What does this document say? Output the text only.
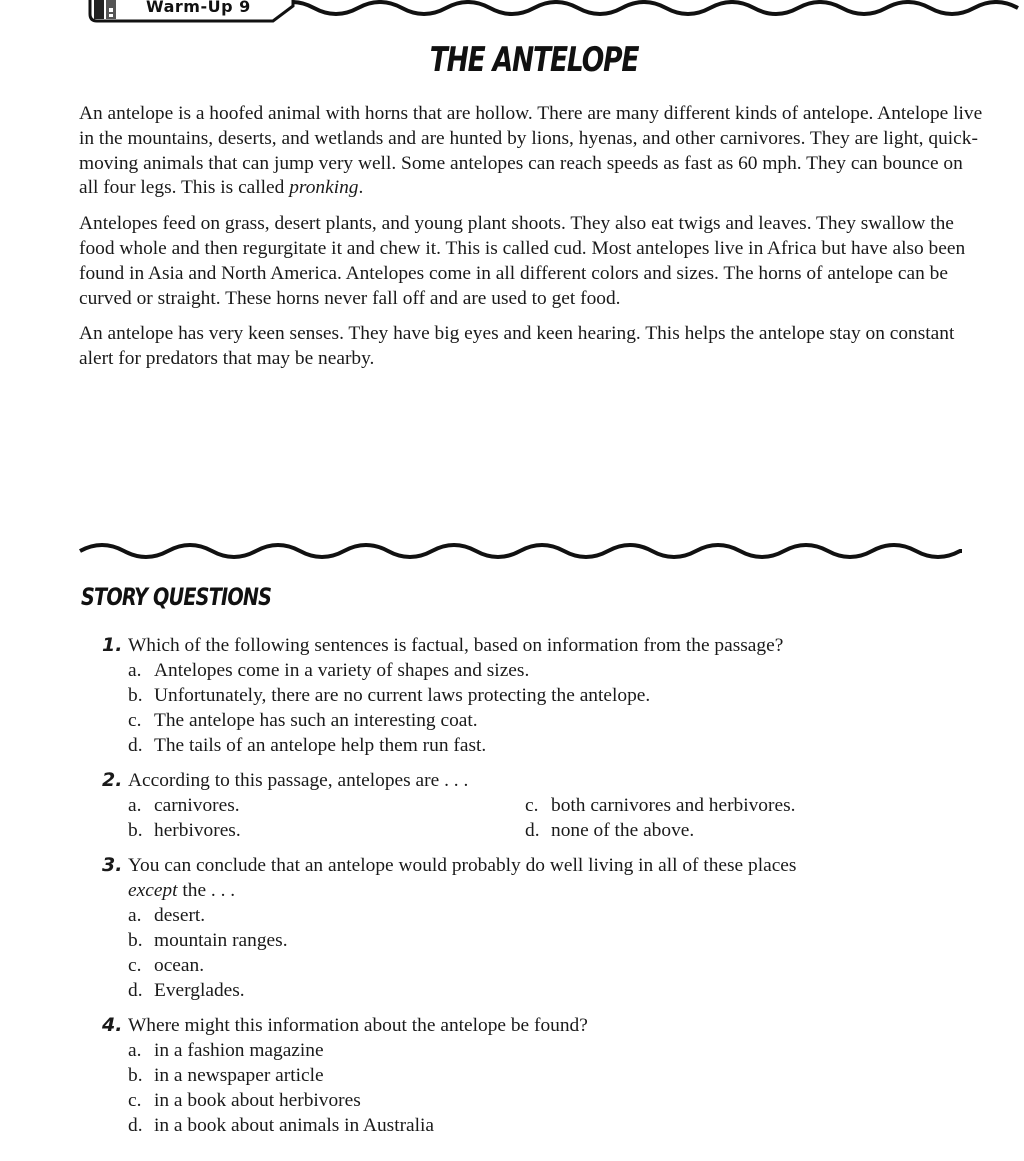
Warm-Up 9
THE ANTELOPE

An antelope is a hoofed animal with horns that are hollow. There are many different kinds of antelope. Antelope live in the mountains, deserts, and wetlands and are hunted by lions, hyenas, and other carnivores. They are light, quick-moving animals that can jump very well. Some antelopes can reach speeds as fast as 60 mph. They can bounce on all four legs. This is called pronking.

Antelopes feed on grass, desert plants, and young plant shoots. They also eat twigs and leaves. They swallow the food whole and then regurgitate it and chew it. This is called cud. Most antelopes live in Africa but have also been found in Asia and North America. Antelopes come in all different colors and sizes. The horns of antelope can be curved or straight. These horns never fall off and are used to get food.

An antelope has very keen senses. They have big eyes and keen hearing. This helps the antelope stay on constant alert for predators that may be nearby.

STORY QUESTIONS
1. Which of the following sentences is factual, based on information from the passage?
a. Antelopes come in a variety of shapes and sizes.
b. Unfortunately, there are no current laws protecting the antelope.
c. The antelope has such an interesting coat.
d. The tails of an antelope help them run fast.
2. According to this passage, antelopes are . . .
a. carnivores.	c. both carnivores and herbivores.
b. herbivores.	d. none of the above.
3. You can conclude that an antelope would probably do well living in all of these places except the . . .
a. desert.
b. mountain ranges.
c. ocean.
d. Everglades.
4. Where might this information about the antelope be found?
a. in a fashion magazine
b. in a newspaper article
c. in a book about herbivores
d. in a book about animals in Australia
